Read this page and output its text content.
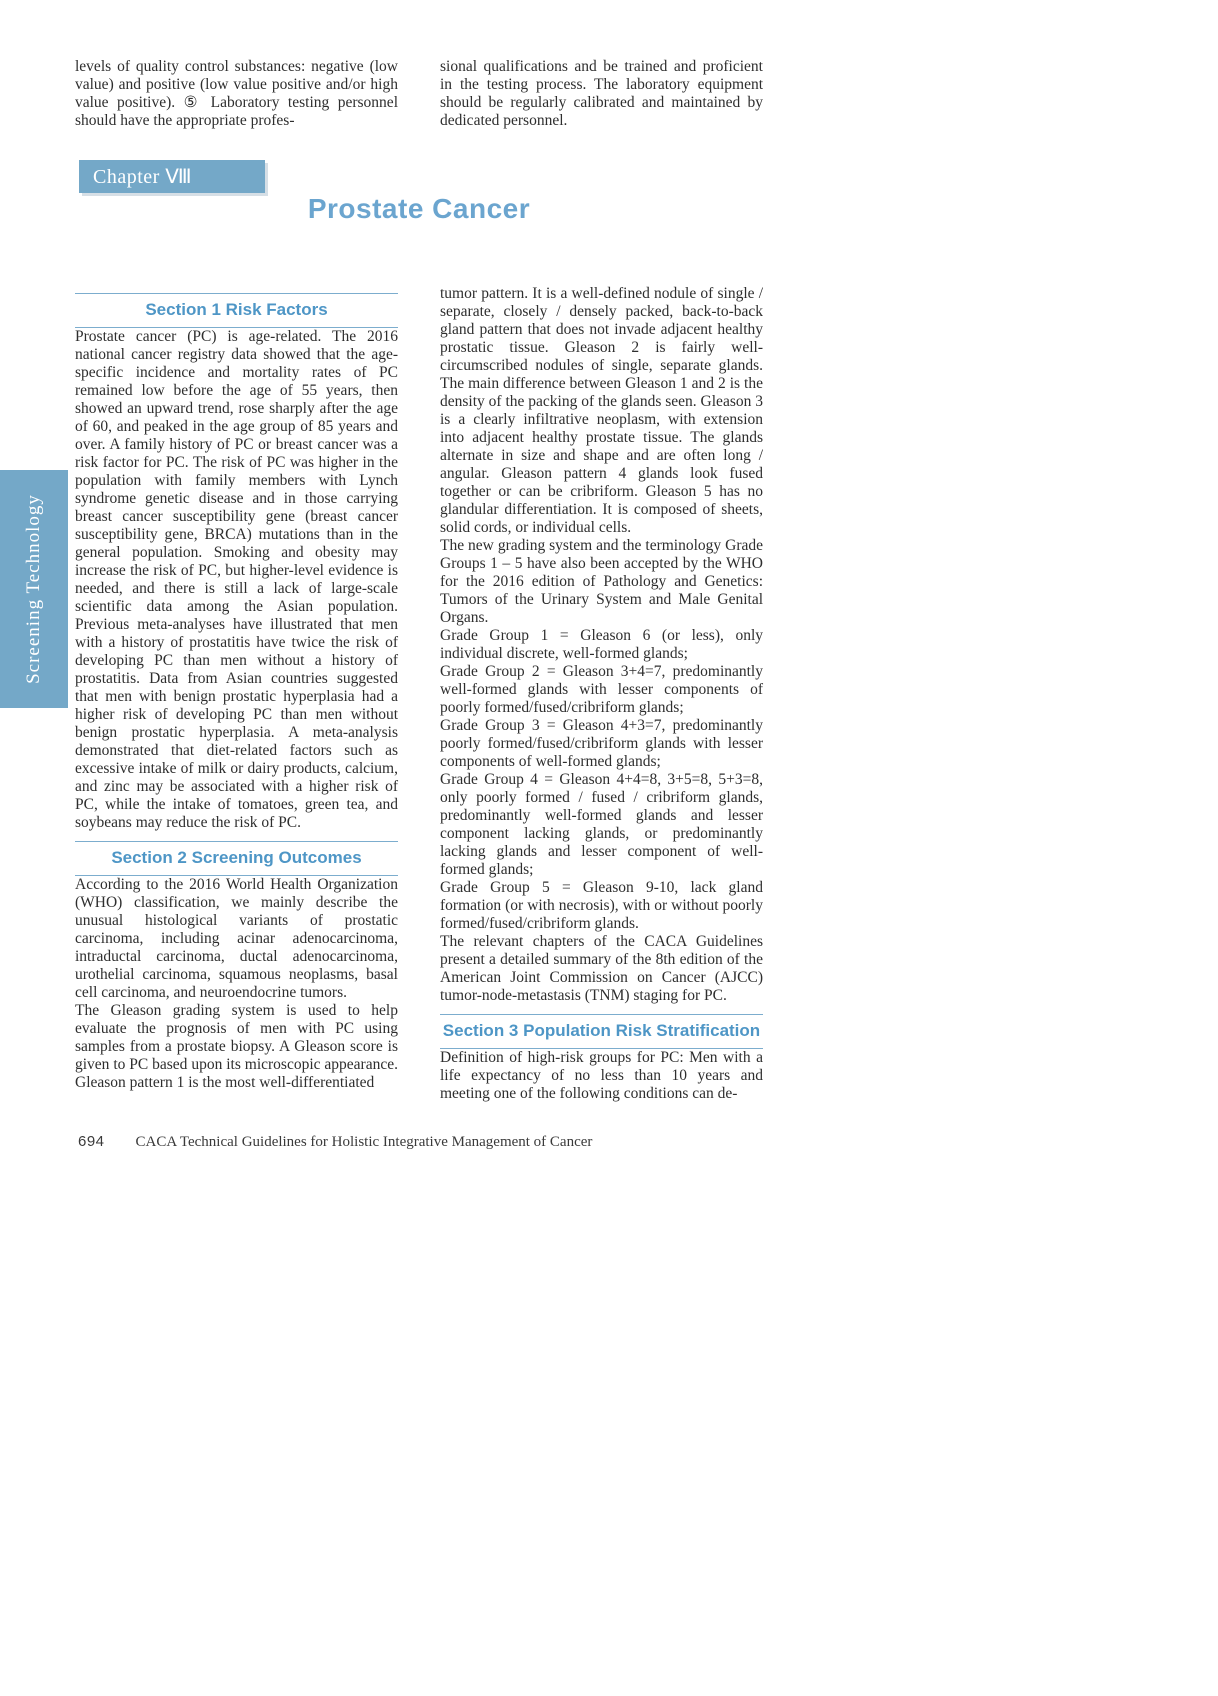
Screening Technology

levels of quality control substances: negative (low value) and positive (low value positive and/or high value positive). ⑤ Laboratory testing personnel should have the appropriate profes-

sional qualifications and be trained and proficient in the testing process. The laboratory equipment should be regularly calibrated and maintained by dedicated personnel.

Chapter Ⅷ
Prostate Cancer
Section 1 Risk Factors

Prostate cancer (PC) is age-related. The 2016 national cancer registry data showed that the age-specific incidence and mortality rates of PC remained low before the age of 55 years, then showed an upward trend, rose sharply after the age of 60, and peaked in the age group of 85 years and over. A family history of PC or breast cancer was a risk factor for PC. The risk of PC was higher in the population with family members with Lynch syndrome genetic disease and in those carrying breast cancer susceptibility gene (breast cancer susceptibility gene, BRCA) mutations than in the general population. Smoking and obesity may increase the risk of PC, but higher-level evidence is needed, and there is still a lack of large-scale scientific data among the Asian population. Previous meta-analyses have illustrated that men with a history of prostatitis have twice the risk of developing PC than men without a history of prostatitis. Data from Asian countries suggested that men with benign prostatic hyperplasia had a higher risk of developing PC than men without benign prostatic hyperplasia. A meta-analysis demonstrated that diet-related factors such as excessive intake of milk or dairy products, calcium, and zinc may be associated with a higher risk of PC, while the intake of tomatoes, green tea, and soybeans may reduce the risk of PC.

Section 2 Screening Outcomes

According to the 2016 World Health Organization (WHO) classification, we mainly describe the unusual histological variants of prostatic carcinoma, including acinar adenocarcinoma, intraductal carcinoma, ductal adenocarcinoma, urothelial carcinoma, squamous neoplasms, basal cell carcinoma, and neuroendocrine tumors.

The Gleason grading system is used to help evaluate the prognosis of men with PC using samples from a prostate biopsy. A Gleason score is given to PC based upon its microscopic appearance. Gleason pattern 1 is the most well-differentiated

tumor pattern. It is a well-defined nodule of single / separate, closely / densely packed, back-to-back gland pattern that does not invade adjacent healthy prostatic tissue. Gleason 2 is fairly well-circumscribed nodules of single, separate glands. The main difference between Gleason 1 and 2 is the density of the packing of the glands seen. Gleason 3 is a clearly infiltrative neoplasm, with extension into adjacent healthy prostate tissue. The glands alternate in size and shape and are often long / angular. Gleason pattern 4 glands look fused together or can be cribriform. Gleason 5 has no glandular differentiation. It is composed of sheets, solid cords, or individual cells.

The new grading system and the terminology Grade Groups 1 – 5 have also been accepted by the WHO for the 2016 edition of Pathology and Genetics: Tumors of the Urinary System and Male Genital Organs.

Grade Group 1 = Gleason 6 (or less), only individual discrete, well-formed glands;

Grade Group 2 = Gleason 3+4=7, predominantly well-formed glands with lesser components of poorly formed/fused/cribriform glands;

Grade Group 3 = Gleason 4+3=7, predominantly poorly formed/fused/cribriform glands with lesser components of well-formed glands;

Grade Group 4 = Gleason 4+4=8, 3+5=8, 5+3=8, only poorly formed / fused / cribriform glands, predominantly well-formed glands and lesser component lacking glands, or predominantly lacking glands and lesser component of well-formed glands;

Grade Group 5 = Gleason 9-10, lack gland formation (or with necrosis), with or without poorly formed/fused/cribriform glands.

The relevant chapters of the CACA Guidelines present a detailed summary of the 8th edition of the American Joint Commission on Cancer (AJCC) tumor-node-metastasis (TNM) staging for PC.

Section 3 Population Risk Stratification

Definition of high-risk groups for PC: Men with a life expectancy of no less than 10 years and meeting one of the following conditions can de-

694 CACA Technical Guidelines for Holistic Integrative Management of Cancer
